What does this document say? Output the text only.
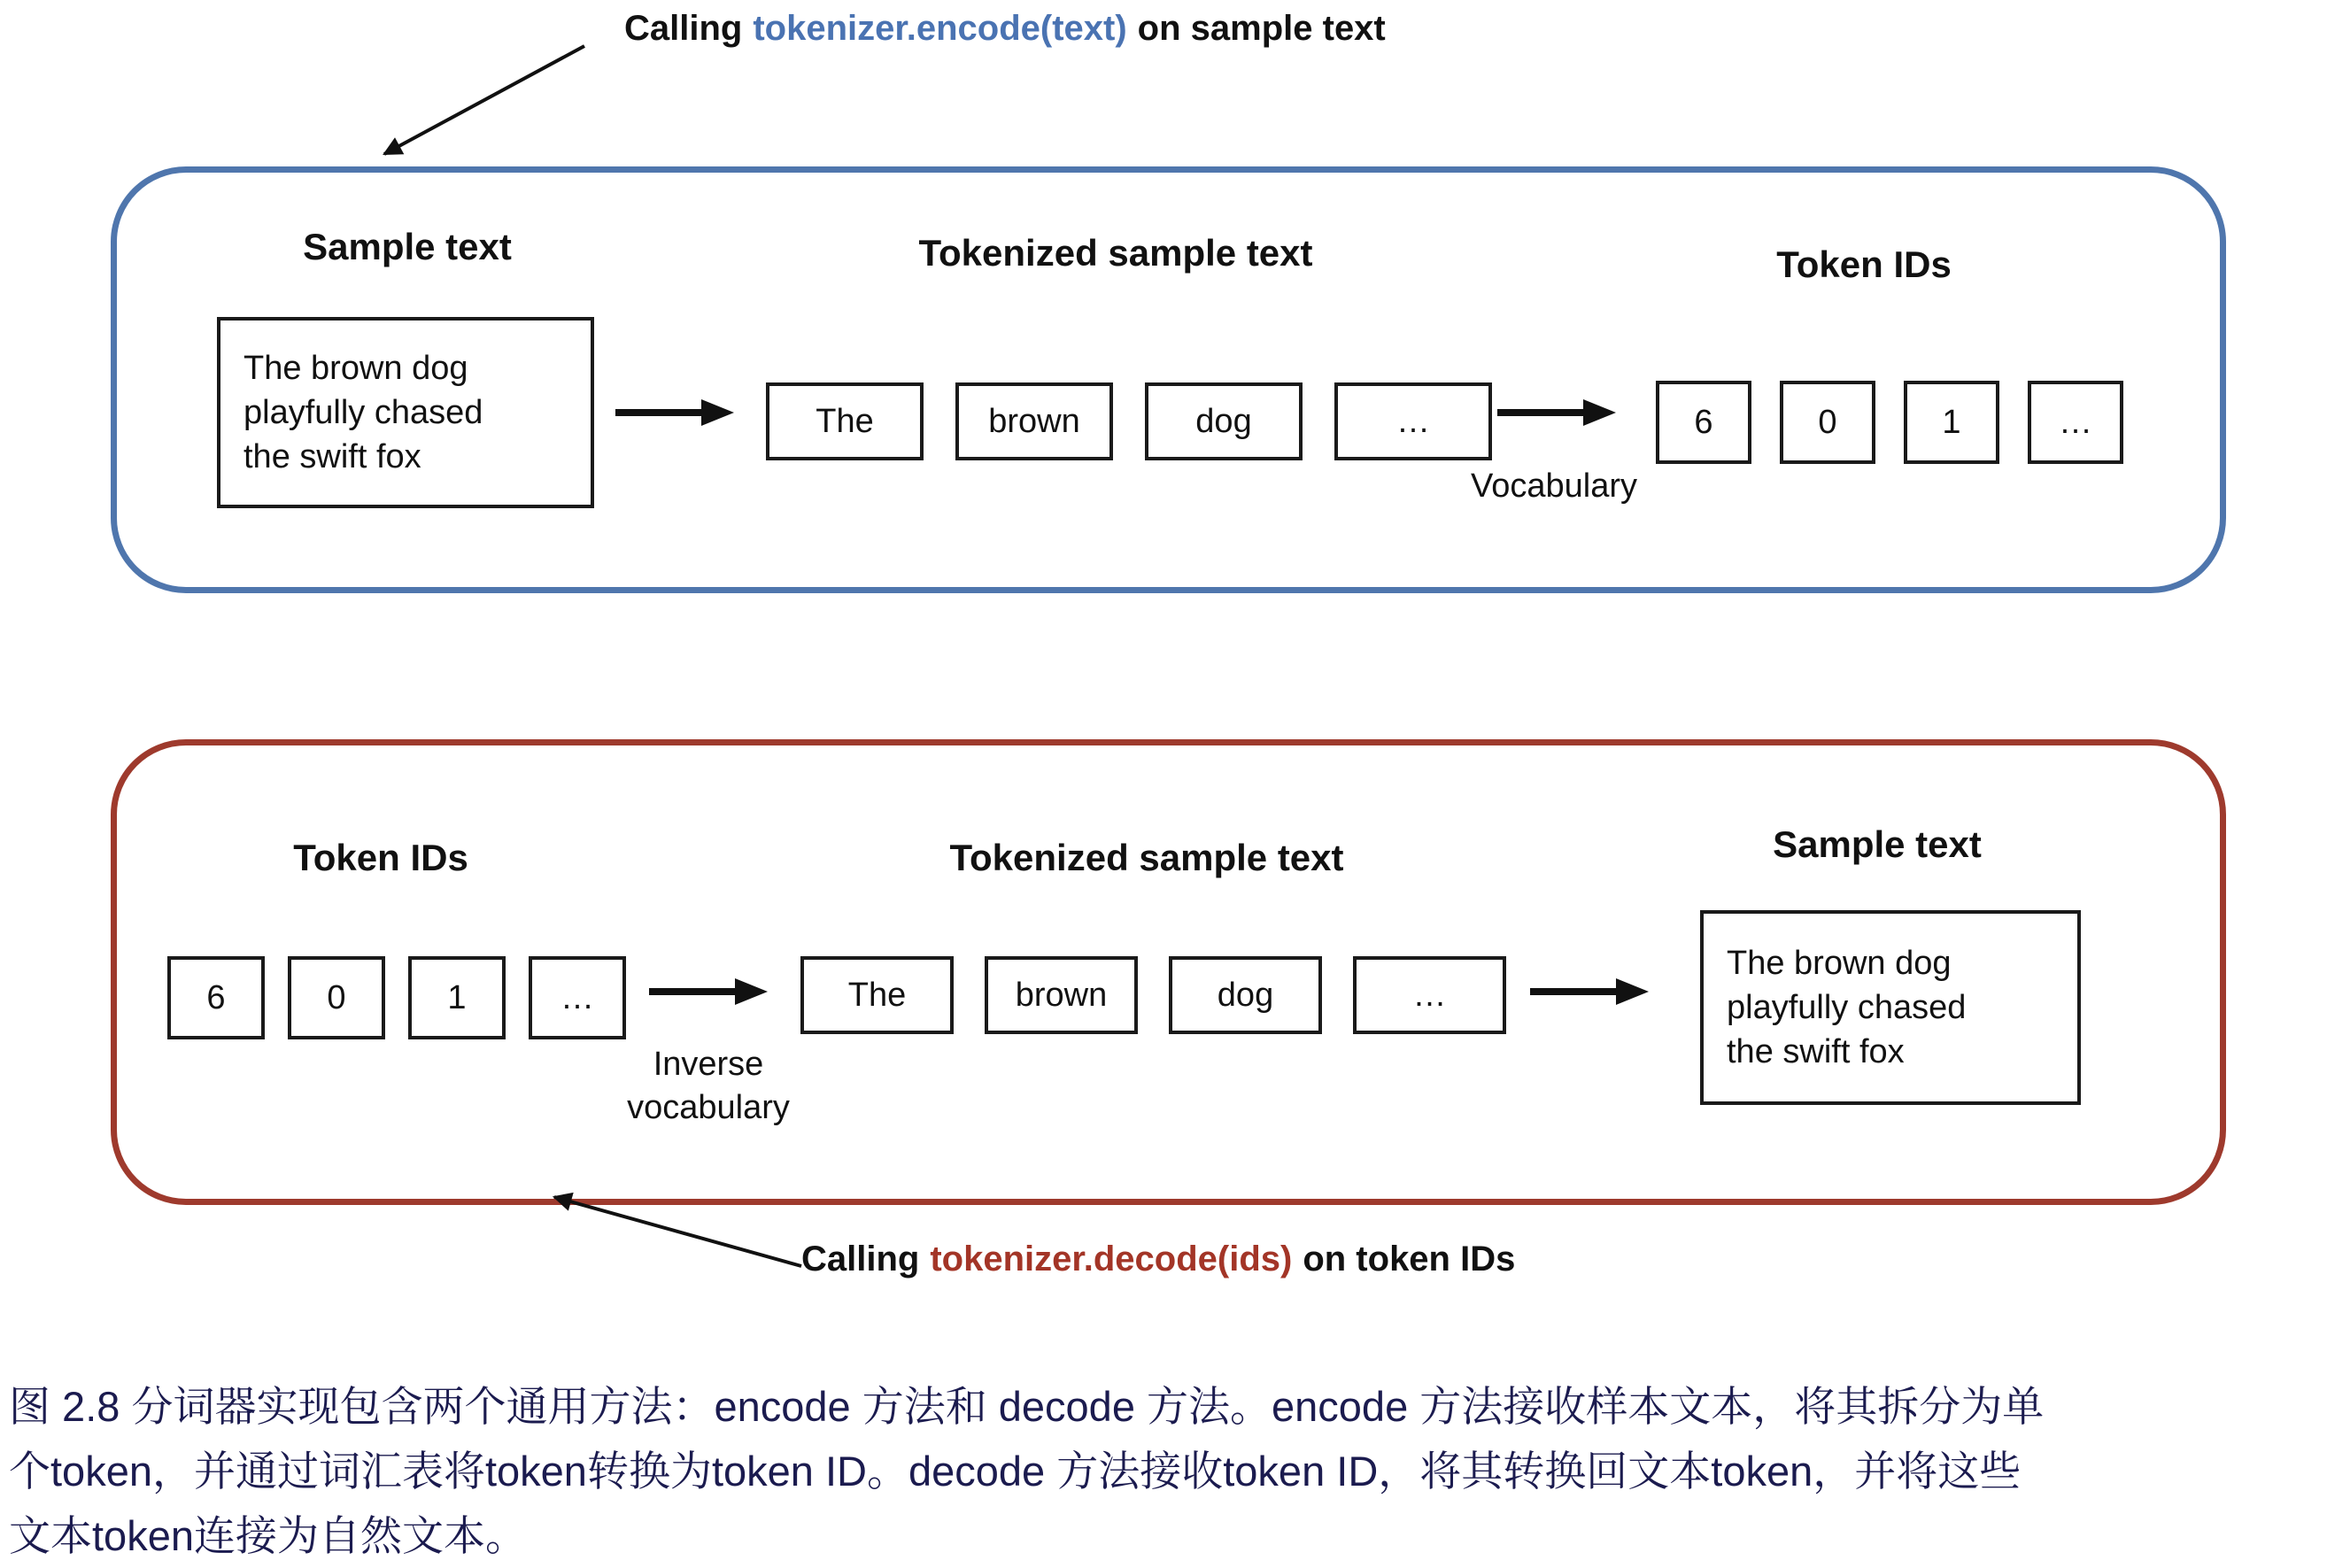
Calling tokenizer.encode(text) on sample text
Sample text
The brown dog
playfully chased
the swift fox
Tokenized sample text
The	brown	dog	…
Vocabulary
Token IDs
6	0	1	…
Token IDs
6	0	1	…
Inverse vocabulary
Tokenized sample text
The	brown	dog	…
Sample text
The brown dog
playfully chased
the swift fox
Calling tokenizer.decode(ids) on token IDs
图 2.8 分词器实现包含两个通用方法：encode 方法和 decode 方法。encode 方法接收样本文本，将其拆分为单
个token，并通过词汇表将token转换为token ID。decode 方法接收token ID，将其转换回文本token，并将这些
文本token连接为自然文本。
